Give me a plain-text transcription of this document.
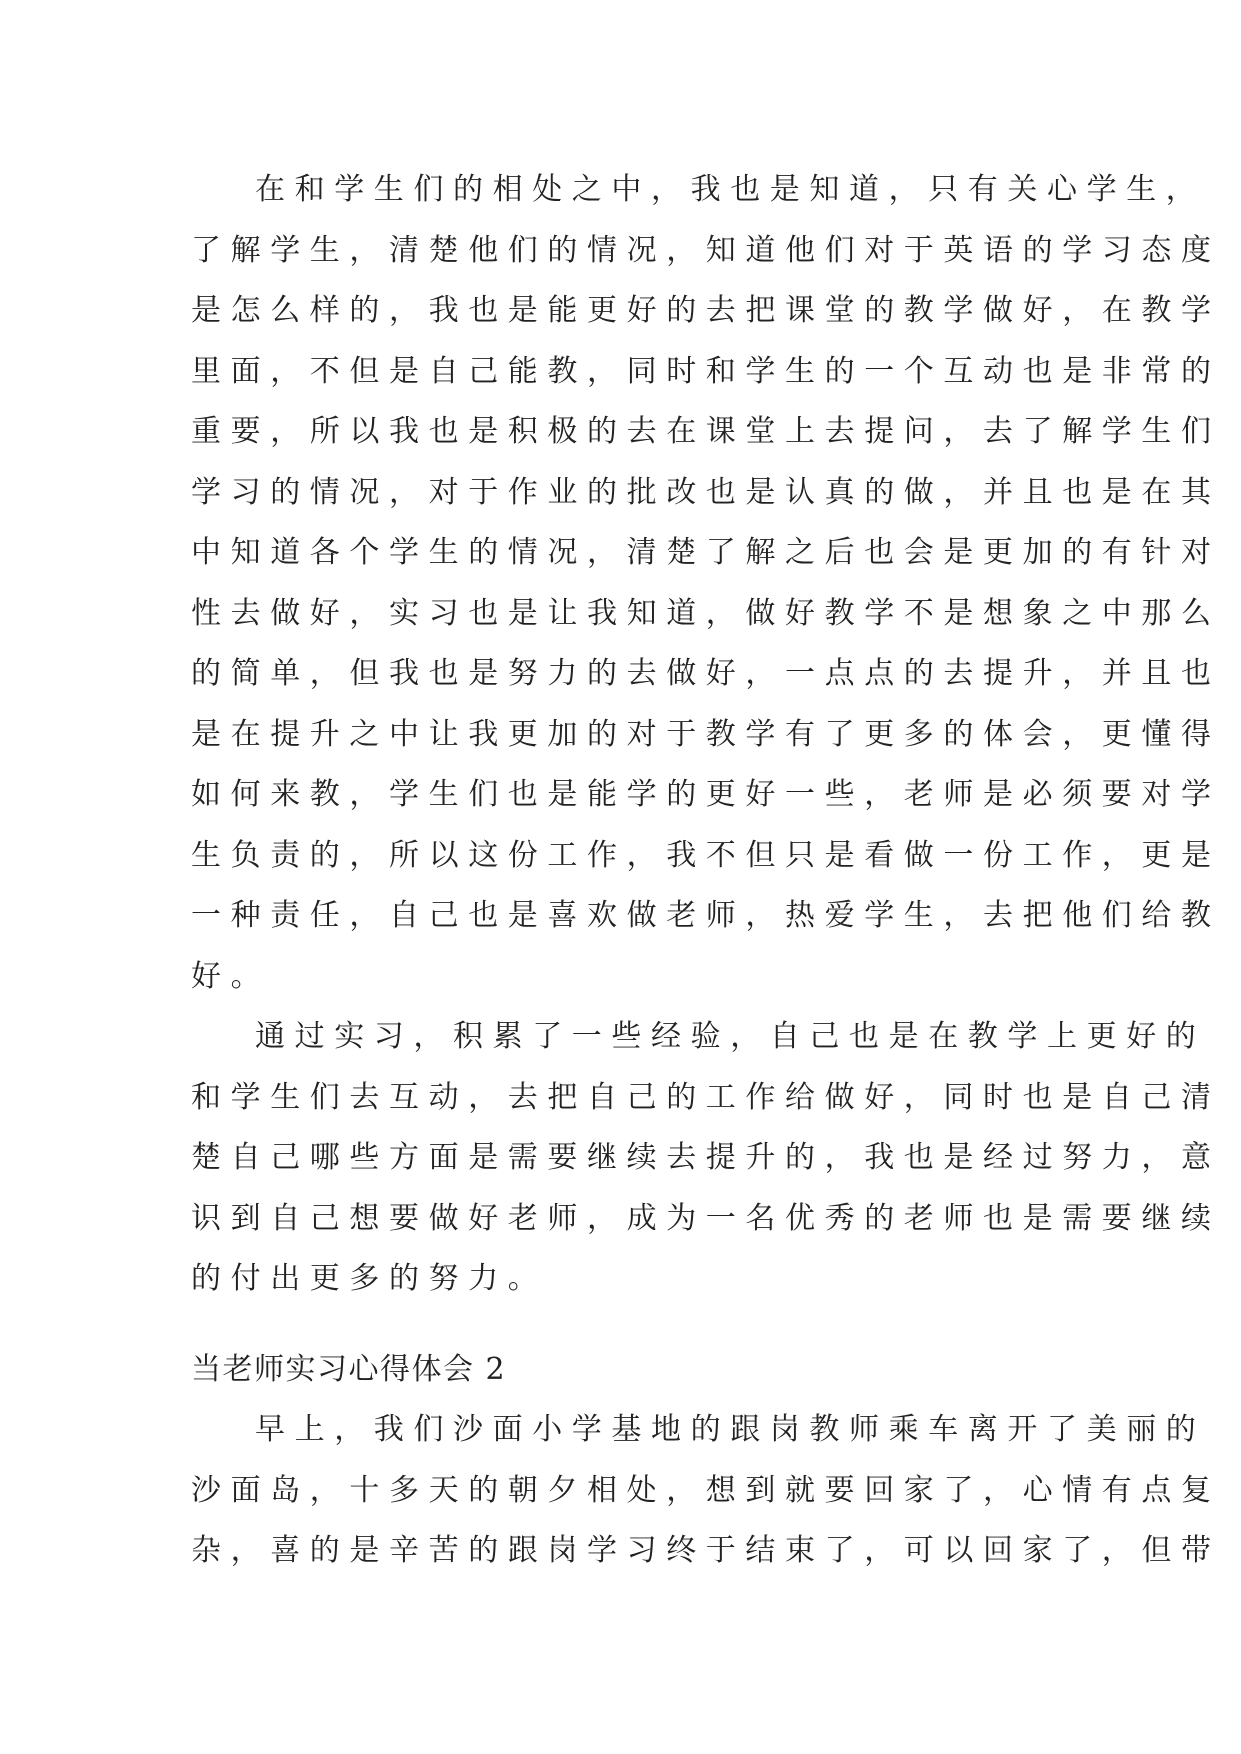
在和学生们的相处之中，我也是知道，只有关心学生，
了解学生，清楚他们的情况，知道他们对于英语的学习态度
是怎么样的，我也是能更好的去把课堂的教学做好，在教学
里面，不但是自己能教，同时和学生的一个互动也是非常的
重要，所以我也是积极的去在课堂上去提问，去了解学生们
学习的情况，对于作业的批改也是认真的做，并且也是在其
中知道各个学生的情况，清楚了解之后也会是更加的有针对
性去做好，实习也是让我知道，做好教学不是想象之中那么
的简单，但我也是努力的去做好，一点点的去提升，并且也
是在提升之中让我更加的对于教学有了更多的体会，更懂得
如何来教，学生们也是能学的更好一些，老师是必须要对学
生负责的，所以这份工作，我不但只是看做一份工作，更是
一种责任，自己也是喜欢做老师，热爱学生，去把他们给教
好。
通过实习，积累了一些经验，自己也是在教学上更好的
和学生们去互动，去把自己的工作给做好，同时也是自己清
楚自己哪些方面是需要继续去提升的，我也是经过努力，意
识到自己想要做好老师，成为一名优秀的老师也是需要继续
的付出更多的努力。
当老师实习心得体会 2
早上，我们沙面小学基地的跟岗教师乘车离开了美丽的
沙面岛，十多天的朝夕相处，想到就要回家了，心情有点复
杂，喜的是辛苦的跟岗学习终于结束了，可以回家了，但带
